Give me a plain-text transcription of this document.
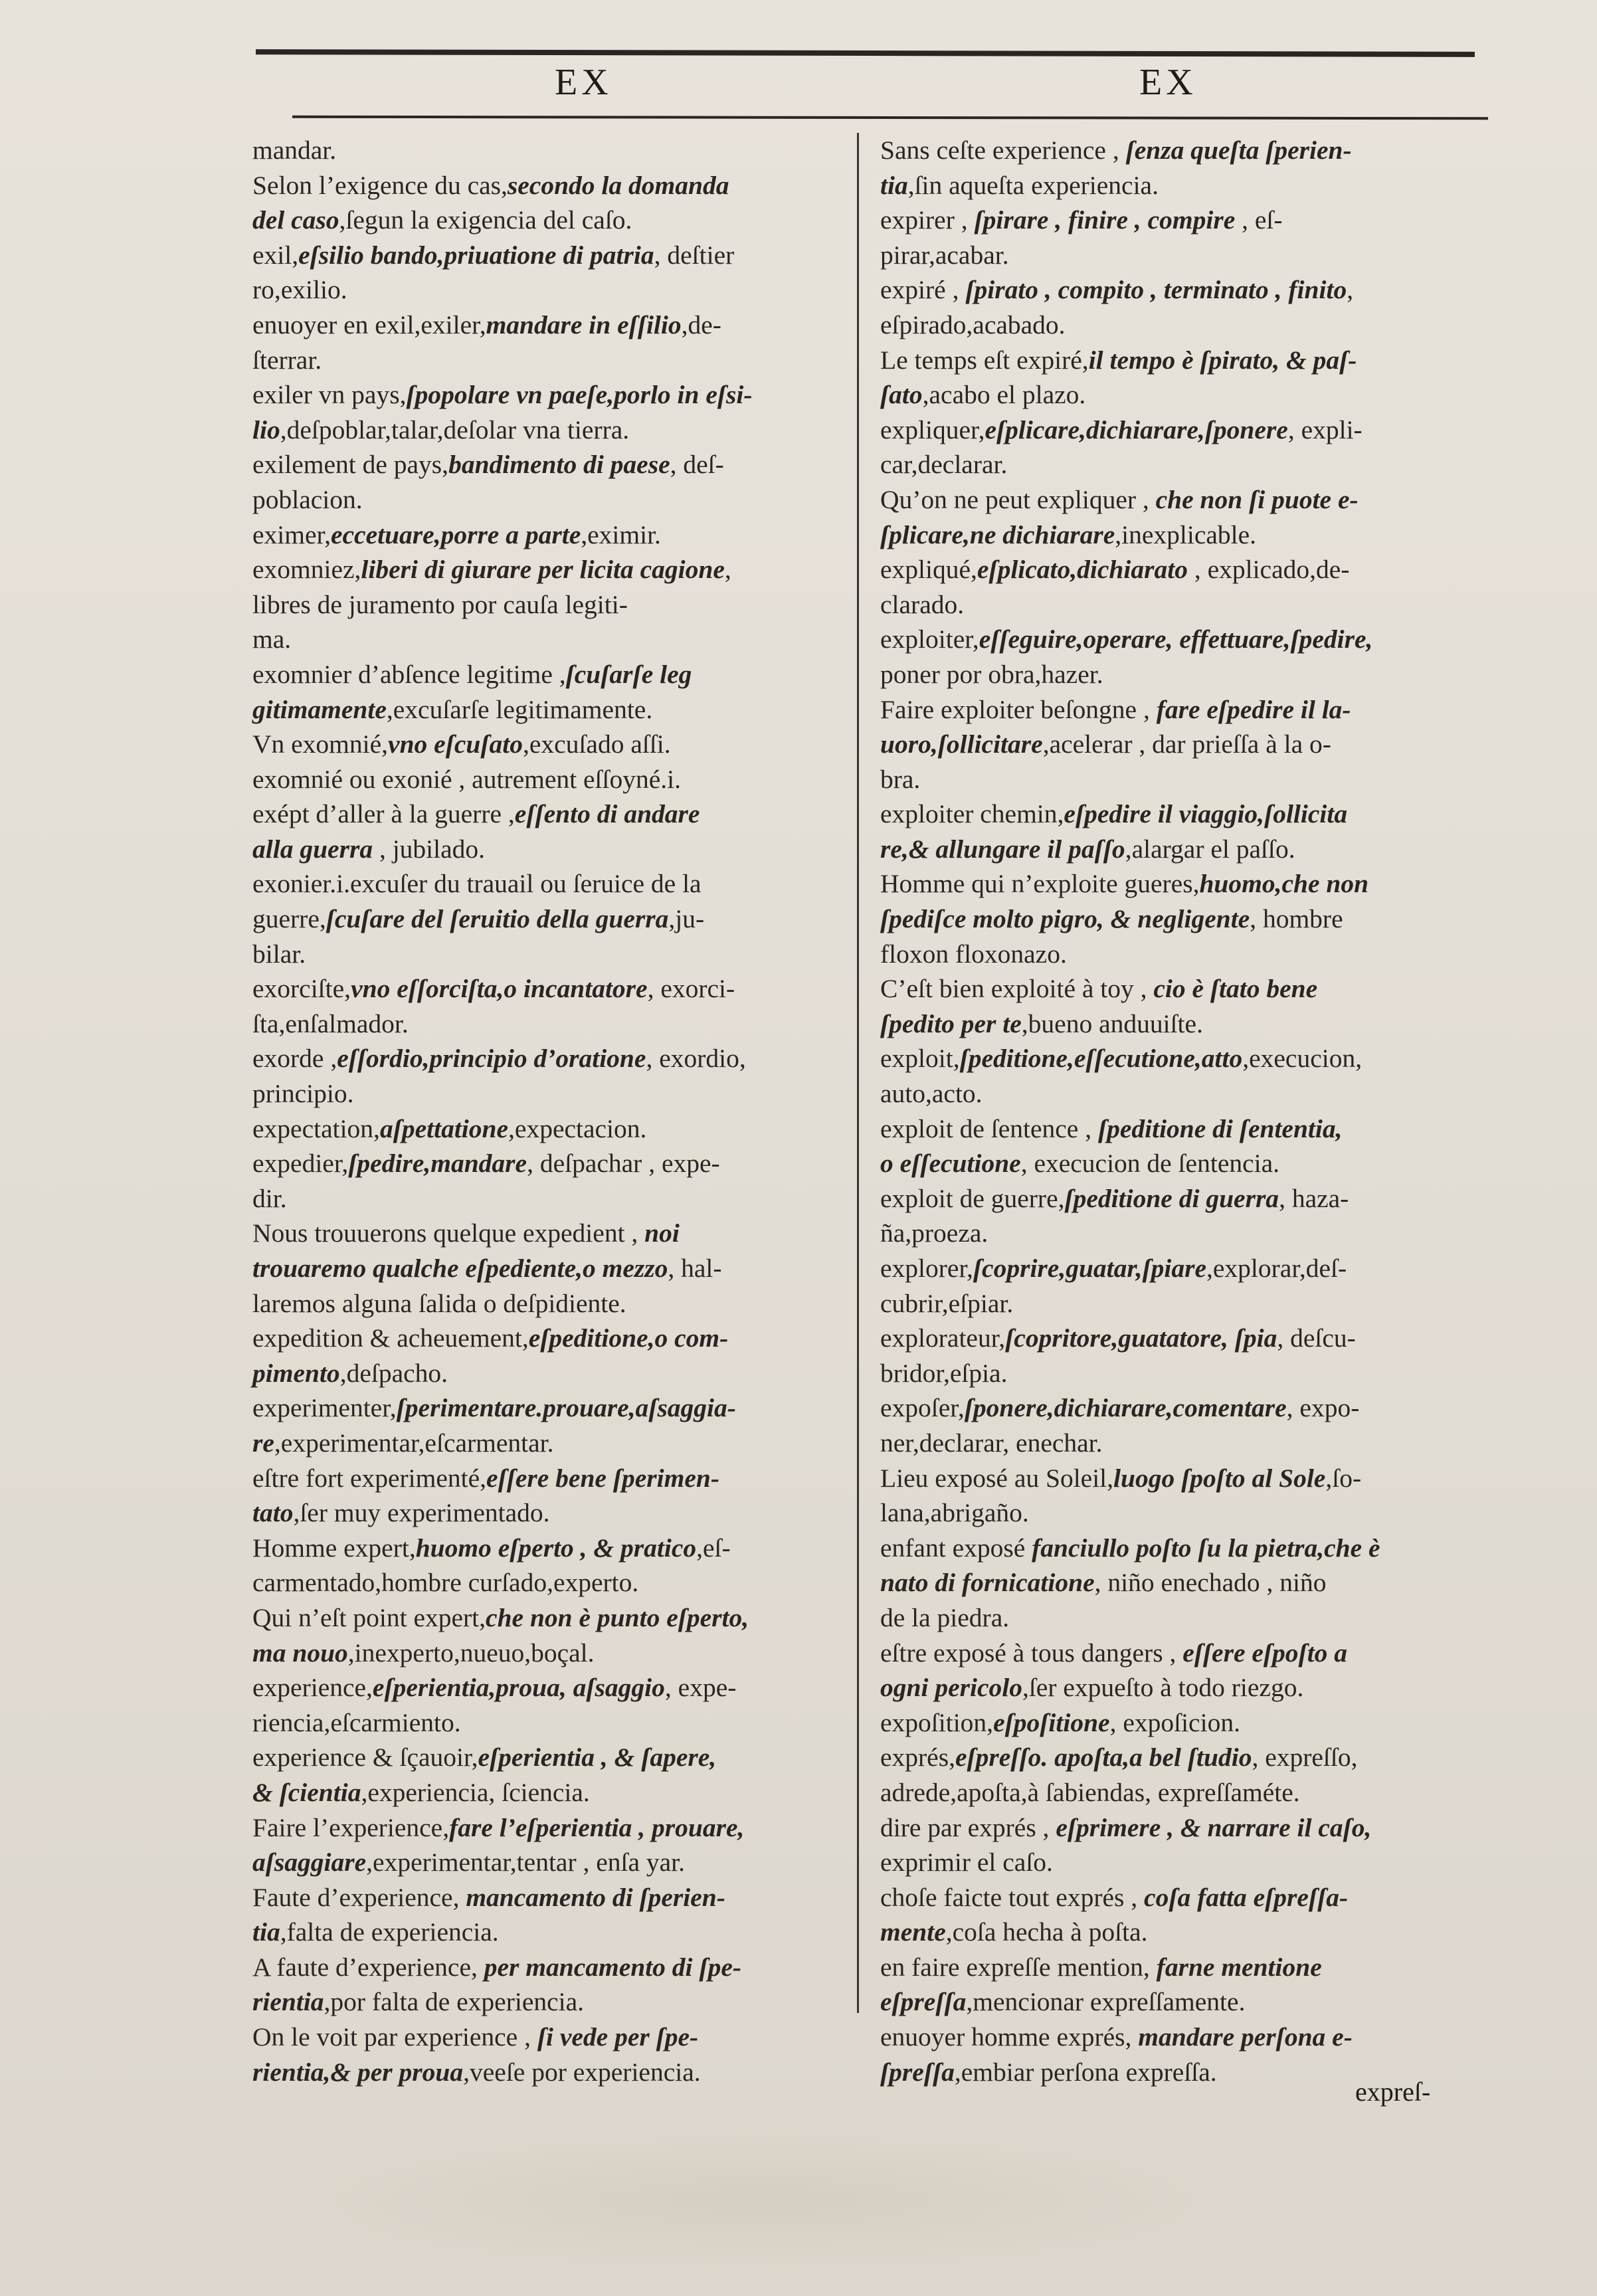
EX	EX
mandar.
Selon l’exigence du cas,secondo la domanda
del caso,ſegun la exigencia del caſo.
exil,eſsilio bando,priuatione di patria, deſtier
ro,exilio.
enuoyer en exil,exiler,mandare in eſſilio,de-
ſterrar.
exiler vn pays,ſpopolare vn paeſe,porlo in eſsi-
lio,deſpoblar,talar,deſolar vna tierra.
exilement de pays,bandimento di paese, deſ-
poblacion.
eximer,eccetuare,porre a parte,eximir.
exomniez,liberi di giurare per licita cagione,
libres de juramento por cauſa legiti-
ma.
exomnier d’abſence legitime ,ſcuſarſe leg
gitimamente,excuſarſe legitimamente.
Vn exomnié,vno eſcuſato,excuſado aſſi.
exomnié ou exonié , autrement eſſoyné.i.
exépt d’aller à la guerre ,eſſento di andare
alla guerra , jubilado.
exonier.i.excuſer du trauail ou ſeruice de la
guerre,ſcuſare del ſeruitio della guerra,ju-
bilar.
exorciſte,vno eſſorciſta,o incantatore, exorci-
ſta,enſalmador.
exorde ,eſſordio,principio d’oratione, exordio,
principio.
expectation,aſpettatione,expectacion.
expedier,ſpedire,mandare, deſpachar , expe-
dir.
Nous trouuerons quelque expedient , noi
trouaremo qualche eſpediente,o mezzo, hal-
laremos alguna ſalida o deſpidiente.
expedition & acheuement,eſpeditione,o com-
pimento,deſpacho.
experimenter,ſperimentare.prouare,aſsaggia-
re,experimentar,eſcarmentar.
eſtre fort experimenté,eſſere bene ſperimen-
tato,ſer muy experimentado.
Homme expert,huomo eſperto , & pratico,eſ-
carmentado,hombre curſado,experto.
Qui n’eſt point expert,che non è punto eſperto,
ma nouo,inexperto,nueuo,boçal.
experience,eſperientia,proua, aſsaggio, expe-
riencia,eſcarmiento.
experience & ſçauoir,eſperientia , & ſapere,
& ſcientia,experiencia, ſciencia.
Faire l’experience,fare l’eſperientia , prouare,
aſsaggiare,experimentar,tentar , enſa yar.
Faute d’experience, mancamento di ſperien-
tia,falta de experiencia.
A faute d’experience, per mancamento di ſpe-
rientia,por falta de experiencia.
On le voit par experience , ſi vede per ſpe-
rientia,& per proua,veeſe por experiencia.
Sans ceſte experience , ſenza queſta ſperien-
tia,ſin aqueſta experiencia.
expirer , ſpirare , finire , compire , eſ-
pirar,acabar.
expiré , ſpirato , compito , terminato , finito,
eſpirado,acabado.
Le temps eſt expiré,il tempo è ſpirato, & paſ-
ſato,acabo el plazo.
expliquer,eſplicare,dichiarare,ſponere, expli-
car,declarar.
Qu’on ne peut expliquer , che non ſi puote e-
ſplicare,ne dichiarare,inexplicable.
expliqué,eſplicato,dichiarato , explicado,de-
clarado.
exploiter,eſſeguire,operare, effettuare,ſpedire,
poner por obra,hazer.
Faire exploiter beſongne , fare eſpedire il la-
uoro,ſollicitare,acelerar , dar prieſſa à la o-
bra.
exploiter chemin,eſpedire il viaggio,ſollicita
re,& allungare il paſſo,alargar el paſſo.
Homme qui n’exploite gueres,huomo,che non
ſpediſce molto pigro, & negligente, hombre
floxon floxonazo.
C’eſt bien exploité à toy , cio è ſtato bene
ſpedito per te,bueno anduuiſte.
exploit,ſpeditione,eſſecutione,atto,execucion,
auto,acto.
exploit de ſentence , ſpeditione di ſententia,
o eſſecutione, execucion de ſentencia.
exploit de guerre,ſpeditione di guerra, haza-
ña,proeza.
explorer,ſcoprire,guatar,ſpiare,explorar,deſ-
cubrir,eſpiar.
explorateur,ſcopritore,guatatore, ſpia, deſcu-
bridor,eſpia.
expoſer,ſponere,dichiarare,comentare, expo-
ner,declarar, enechar.
Lieu exposé au Soleil,luogo ſpoſto al Sole,ſo-
lana,abrigaño.
enfant exposé fanciullo poſto ſu la pietra,che è
nato di fornicatione, niño enechado , niño
de la piedra.
eſtre exposé à tous dangers , eſſere eſpoſto a
ogni pericolo,ſer expueſto à todo riezgo.
expoſition,eſpoſitione, expoſicion.
exprés,eſpreſſo. apoſta,a bel ſtudio, expreſſo,
adrede,apoſta,à ſabiendas, expreſſaméte.
dire par exprés , eſprimere , & narrare il caſo,
exprimir el caſo.
choſe faicte tout exprés , coſa fatta eſpreſſa-
mente,coſa hecha à poſta.
en faire expreſſe mention, farne mentione
eſpreſſa,mencionar expreſſamente.
enuoyer homme exprés, mandare perſona e-
ſpreſſa,embiar perſona expreſſa.
expreſ-
